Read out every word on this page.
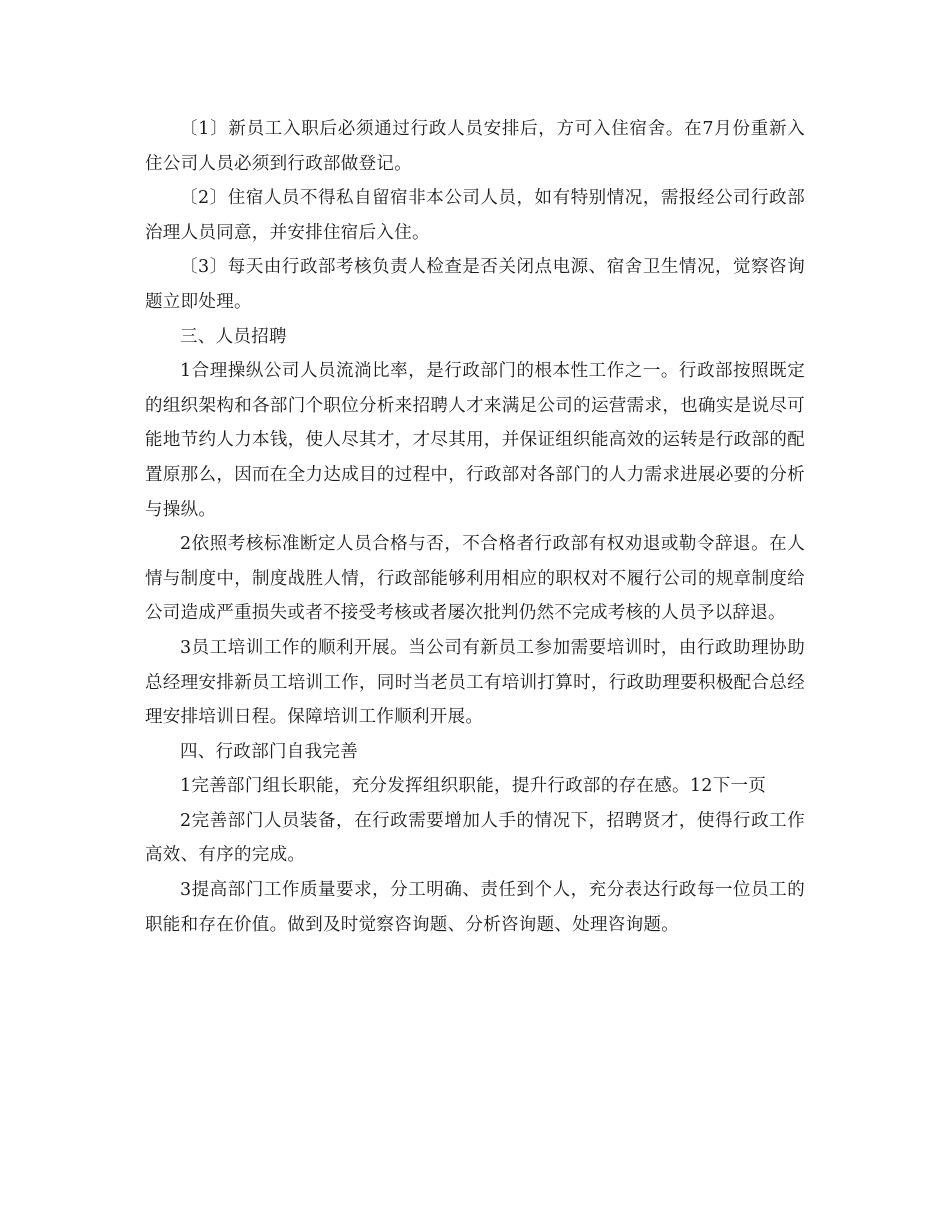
〔1〕新员工入职后必须通过行政人员安排后，方可入住宿舍。在7月份重新入住公司人员必须到行政部做登记。

〔2〕住宿人员不得私自留宿非本公司人员，如有特别情况，需报经公司行政部治理人员同意，并安排住宿后入住。

〔3〕每天由行政部考核负责人检查是否关闭点电源、宿舍卫生情况，觉察咨询题立即处理。

三、人员招聘

1合理操纵公司人员流淌比率，是行政部门的根本性工作之一。行政部按照既定的组织架构和各部门个职位分析来招聘人才来满足公司的运营需求，也确实是说尽可能地节约人力本钱，使人尽其才，才尽其用，并保证组织能高效的运转是行政部的配置原那么，因而在全力达成目的过程中，行政部对各部门的人力需求进展必要的分析与操纵。

2依照考核标准断定人员合格与否，不合格者行政部有权劝退或勒令辞退。在人情与制度中，制度战胜人情，行政部能够利用相应的职权对不履行公司的规章制度给公司造成严重损失或者不接受考核或者屡次批判仍然不完成考核的人员予以辞退。

3员工培训工作的顺利开展。当公司有新员工参加需要培训时，由行政助理协助总经理安排新员工培训工作，同时当老员工有培训打算时，行政助理要积极配合总经理安排培训日程。保障培训工作顺利开展。

四、行政部门自我完善

1完善部门组长职能，充分发挥组织职能，提升行政部的存在感。12下一页

2完善部门人员装备，在行政需要增加人手的情况下，招聘贤才，使得行政工作高效、有序的完成。

3提高部门工作质量要求，分工明确、责任到个人，充分表达行政每一位员工的职能和存在价值。做到及时觉察咨询题、分析咨询题、处理咨询题。
